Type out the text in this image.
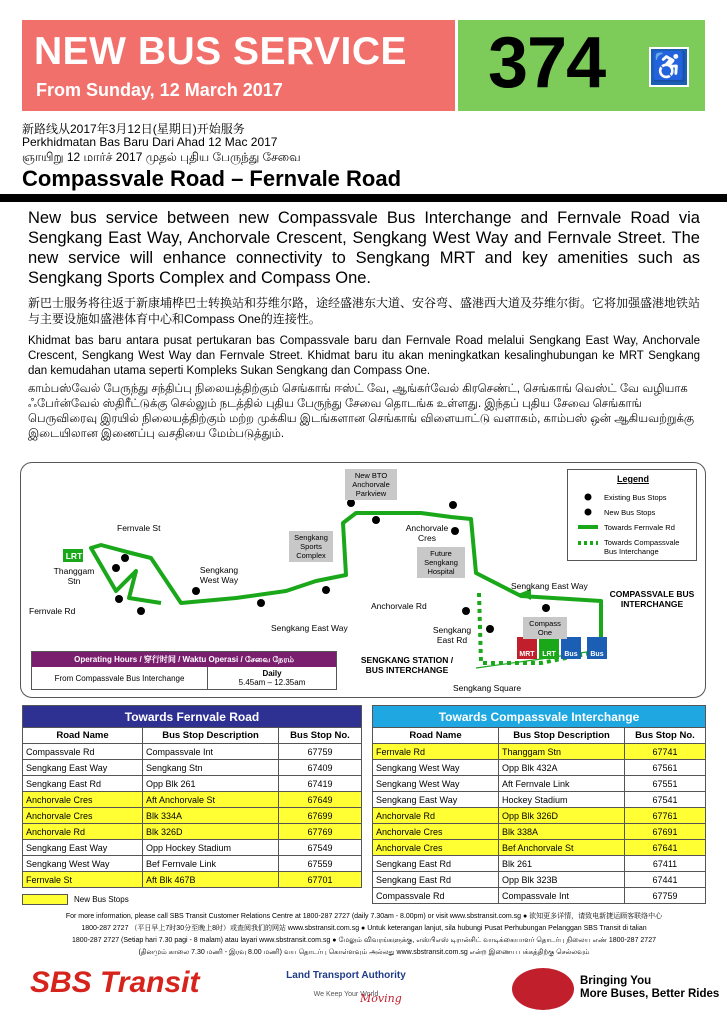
NEW BUS SERVICE
From Sunday, 12 March 2017	374 ♿
新路线从2017年3月12日(星期日)开始服务
Perkhidmatan Bas Baru Dari Ahad 12 Mac 2017
ஞாயிறு 12 மார்ச் 2017 முதல் புதிய பேருந்து சேவை
Compassvale Road – Fernvale Road
New bus service between new Compassvale Bus Interchange and Fernvale Road via Sengkang East Way, Anchorvale Crescent, Sengkang West Way and Fernvale Street. The new service will enhance connectivity to Sengkang MRT and key amenities such as Sengkang Sports Complex and Compass One.
新巴士服务将往返于新康埔桦巴士转换站和芬维尔路，途经盛港东大道、安谷弯、盛港西大道及芬维尔街。它将加强盛港地铁站与主要设施如盛港体育中心和Compass One的连接性。
Khidmat bas baru antara pusat pertukaran bas Compassvale baru dan Fernvale Road melalui Sengkang East Way, Anchorvale Crescent, Sengkang West Way dan Fernvale Street. Khidmat baru itu akan meningkatkan kesalinghubungan ke MRT Sengkang dan kemudahan utama seperti Kompleks Sukan Sengkang dan Compass One.
காம்பஸ்வேல் பேருந்து சந்திப்பு நிலையத்திற்கும் செங்காங் ஈஸ்ட் வே, ஆங்கர்வேல் கிரசெண்ட், செங்காங் வெஸ்ட் வே வழியாக ஃபேர்ன்வேல் ஸ்திரீட்டுக்கு செல்லும் நடத்தில் புதிய பேருந்து சேவை தொடங்க உள்ளது. இந்தப் புதிய சேவை செங்காங் பெருவிரைவு இரயில் நிலையத்திற்கும் மற்ற முக்கிய இடங்களான செங்காங் விளையாட்டு வளாகம், காம்பஸ் ஒன் ஆகியவற்றுக்கு இடையிலான இணைப்பு வசதியை மேம்படுத்தும்.
Fernvale St
LRT
Thanggam Stn
Fernvale Rd
Sengkang West Way
Sengkang East Way
Anchorvale Rd
Anchorvale Cres
Sengkang East Way
Sengkang East Rd
COMPASSVALE BUS INTERCHANGE
SENGKANG STATION / BUS INTERCHANGE
Sengkang Square
MRT	LRT	Bus	Bus
New BTO Anchorvale Parkview
Sengkang Sports Complex	Future Sengkang Hospital
Compass One
Legend
Existing Bus Stops
New Bus Stops
Towards Fernvale Rd
Towards Compassvale Bus Interchange
Operating Hours / 穿行时间 / Waktu Operasi / சேவை நேரம்
From Compassvale Bus Interchange	Daily
5.45am – 12.35am
Towards Fernvale Road		
Road Name	Bus Stop Description	Bus Stop No.
Compassvale Rd	Compassvale Int	67759
Sengkang East Way	Sengkang Stn	67409
Sengkang East Rd	Opp Blk 261	67419
Anchorvale Cres	Aft Anchorvale St	67649
Anchorvale Cres	Blk 334A	67699
Anchorvale Rd	Blk 326D	67769
Sengkang East Way	Opp Hockey Stadium	67549
Sengkang West Way	Bef Fernvale Link	67559
Fernvale St	Aft Blk 467B	67701
Towards Compassvale Interchange		
Road Name	Bus Stop Description	Bus Stop No.
Fernvale Rd	Thanggam Stn	67741
Sengkang West Way	Opp Blk 432A	67561
Sengkang West Way	Aft Fernvale Link	67551
Sengkang East Way	Hockey Stadium	67541
Anchorvale Rd	Opp Blk 326D	67761
Anchorvale Cres	Blk 338A	67691
Anchorvale Cres	Bef Anchorvale St	67641
Sengkang East Rd	Blk 261	67411
Sengkang East Rd	Opp Blk 323B	67441
Compassvale Rd	Compassvale Int	67759
New Bus Stops
For more information, please call SBS Transit Customer Relations Centre at 1800-287 2727 (daily 7.30am - 8.00pm) or visit www.sbstransit.com.sg ● 欲知更多详情，请致电新捷运顾客联络中心
1800-287 2727 （平日早上7时30分至晚上8时）或查阅我们的网站 www.sbstransit.com.sg ● Untuk keterangan lanjut, sila hubungi Pusat Perhubungan Pelanggan SBS Transit di talian
1800-287 2727 (Setiap hari 7.30 pagi - 8 malam) atau layari www.sbstransit.com.sg ● மேலும் விவரங்களுக்கு, எஸ்பிஎஸ் டிரான்சிட் வாடிக்கையாளர் தொடர்பு நிலைய எண் 1800-287 2727
(தினமும் காலை 7.30 மணி - இரவு 8.00 மணி) வய தொடர்பு கொள்ளவும் அல்லது www.sbstransit.com.sg என்ற இணைய பக்கத்திற்கு செல்லவும்
SBS Transit	Land Transport Authority
We Keep Your World
Moving
Bringing You
More Buses, Better Rides
